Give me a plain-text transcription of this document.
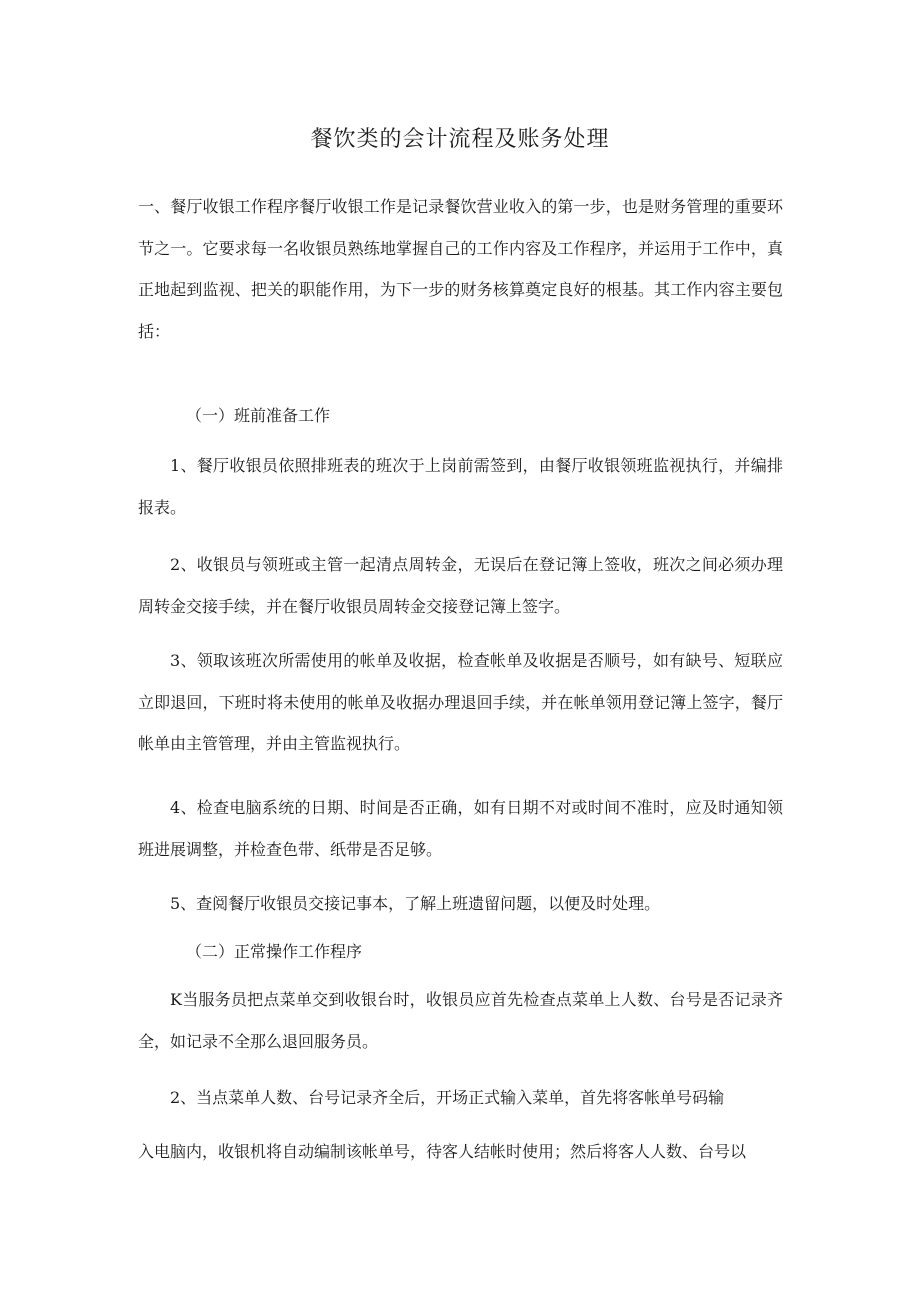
餐饮类的会计流程及账务处理
一、餐厅收银工作程序餐厅收银工作是记录餐饮营业收入的第一步，也是财务管理的重要环节之一。它要求每一名收银员熟练地掌握自己的工作内容及工作程序，并运用于工作中，真正地起到监视、把关的职能作用，为下一步的财务核算奠定良好的根基。其工作内容主要包括：
（一）班前准备工作
1、餐厅收银员依照排班表的班次于上岗前需签到，由餐厅收银领班监视执行，并编排报表。
2、收银员与领班或主管一起清点周转金，无误后在登记簿上签收，班次之间必须办理周转金交接手续，并在餐厅收银员周转金交接登记簿上签字。
3、领取该班次所需使用的帐单及收据，检查帐单及收据是否顺号，如有缺号、短联应立即退回，下班时将未使用的帐单及收据办理退回手续，并在帐单领用登记簿上签字，餐厅帐单由主管管理，并由主管监视执行。
4、检查电脑系统的日期、时间是否正确，如有日期不对或时间不准时，应及时通知领班进展调整，并检查色带、纸带是否足够。
5、查阅餐厅收银员交接记事本，了解上班遗留问题，以便及时处理。
（二）正常操作工作程序
K当服务员把点菜单交到收银台时，收银员应首先检查点菜单上人数、台号是否记录齐全，如记录不全那么退回服务员。
2、当点菜单人数、台号记录齐全后，开场正式输入菜单，首先将客帐单号码输
入电脑内，收银机将自动编制该帐单号，待客人结帐时使用；然后将客人人数、台号以
